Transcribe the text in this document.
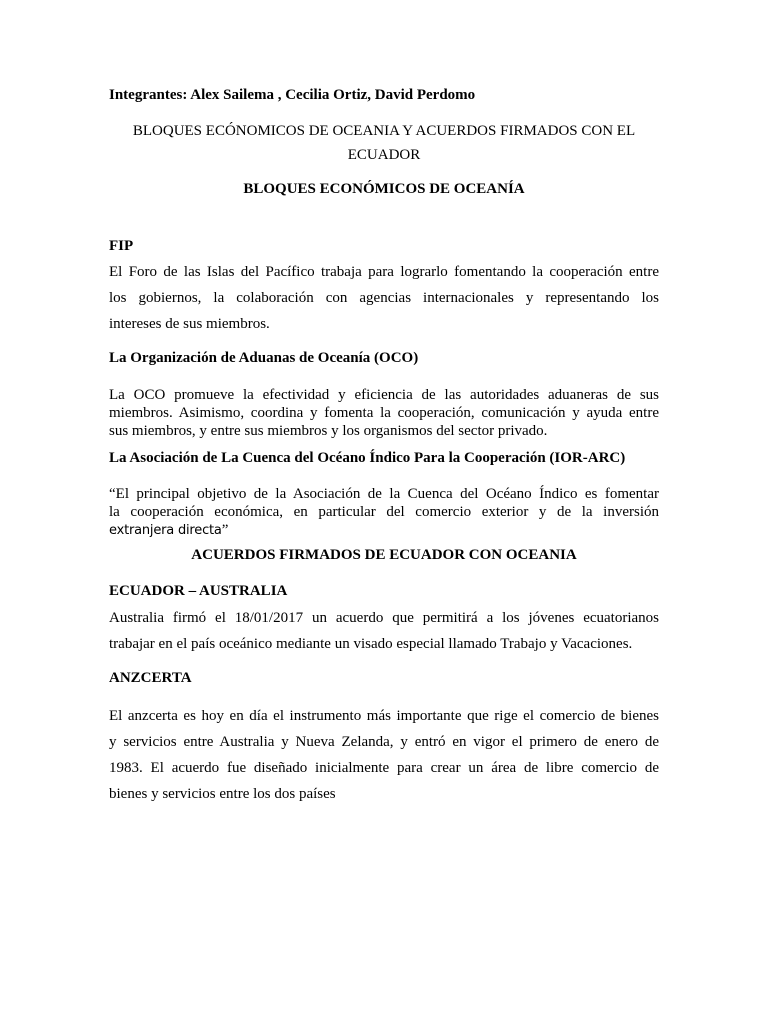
Integrantes: Alex Sailema , Cecilia Ortiz, David Perdomo
BLOQUES ECÓNOMICOS DE OCEANIA Y ACUERDOS FIRMADOS CON EL
ECUADOR
BLOQUES ECONÓMICOS DE OCEANÍA
FIP
El Foro de las Islas del Pacífico trabaja para lograrlo fomentando la cooperación entre
los gobiernos, la colaboración con agencias internacionales y representando los
intereses de sus miembros.
La Organización de Aduanas de Oceanía (OCO)
La OCO promueve la efectividad y eficiencia de las autoridades aduaneras de sus
miembros. Asimismo, coordina y fomenta la cooperación, comunicación y ayuda entre
sus miembros, y entre sus miembros y los organismos del sector privado.
La Asociación de La Cuenca del Océano Índico Para la Cooperación (IOR-ARC)
“El principal objetivo de la Asociación de la Cuenca del Océano Índico es fomentar
la cooperación económica, en particular del comercio exterior y de la inversión
extranjera directa”
ACUERDOS FIRMADOS DE ECUADOR CON OCEANIA
ECUADOR – AUSTRALIA
Australia firmó el 18/01/2017 un acuerdo que permitirá a los jóvenes ecuatorianos
trabajar en el país oceánico mediante un visado especial llamado Trabajo y Vacaciones.
ANZCERTA
El anzcerta es hoy en día el instrumento más importante que rige el comercio de bienes
y servicios entre Australia y Nueva Zelanda, y entró en vigor el primero de enero de
1983. El acuerdo fue diseñado inicialmente para crear un área de libre comercio de
bienes y servicios entre los dos países
